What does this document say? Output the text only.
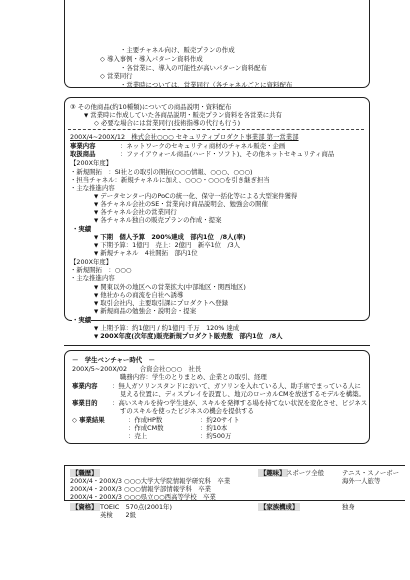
・主要チャネル向け、販売プランの作成
◇ 導入事例・導入パターン資料作成
・各営業に、導入の可能性が高いパターン資料配布
◇ 営業同行
・営業時については、営業同行（各チャネルごとに資料配布
③ その他商品(約10種類)についての商品説明・資料配布
▼ 営業時に作成していた各商品説明・販売プラン資料を各営業に共有
◇ 必要な場合には営業同行(技術指導の代行も行う)
200X/4~200X/12　株式会社○○○ セキュリティプロダクト事業部 第一営業部
事業内容	：ネットワークのセキュリティ商材のチャネル販売・企画
取扱商品	：ファイアウォール商品(ハード・ソフト)、その他ネットセキュリティ商品
【200X年度】
・新規開拓　：SI社との取引の開拓(○○○情報、○○○、○○○)
・担当チャネル：新規チャネルに加え、○○○・○○○を引き継ぎ担当
・主な推進内容
▼ データセンター内のPoCの統一化、保守一括化等による大型案件獲得
▼ 各チャネル会社のSE・営業向け商品説明会、勉強会の開催
▼ 各チャネル会社の営業同行
▼ 各チャネル独自の販売プランの作成・提案
・実績
▼ 下期　個人予算　200%達成　部内1位　/8人(率)
▼ 下期予算：1億円　売上：2億円　新卒1位　/3人
▼ 新規チャネル　4社開拓　部内1位
【200X年度】
・新規開拓　：○○○
・主な推進内容
▼ 関東以外の地区への営業拡大(中部地区・関西地区)
▼ 他社からの商流を自社へ誘導
▼ 取引会社内、主要取引課にプロダクトへ登録
▼ 新規商品の勉強会・説明会・提案
・実績
▼ 上期予算：約1億円 / 約1億円 千万　120% 達成
▼ 200X年度(次年度)販売新規プロダクト販売数　部内1位　/8人
－　学生ベンチャー時代　－
200X/5~200X/02　　合資会社○○○　社長
職務内容：学生のとりまとめ、企業との取引、経理
事業内容 ：無人ガソリンスタンドにおいて、ガソリンを入れている人、助手席でまっている人に
見える位置に、ディスプレイを設置し、地元のローカルCMを放送するモデルを構築。
事業目的 ：高いスキルを持つ学生達が、スキルを発揮する場を持てない状況を変化させ、ビジネス
すのスキルを使ったビジネスの機会を提供する
◇ 事業結果	：作成HP数	：約20サイト
：作成CM数	：約10本
：売上	：約500万
【職歴】
200X/4・200X/3 ○○○大学大学院情報学研究科　卒業
200X/4・200X/3 ○○○情報学部情報学科　卒業
200X/4・200X/3 ○○○県立○○西高等学校　卒業
【趣味】 スポーツ全般	テニス・スノーボー
海外一人旅等
【資格】 TOEIC　570点(2001年)
英検　　2級
【家族構成】	独身
